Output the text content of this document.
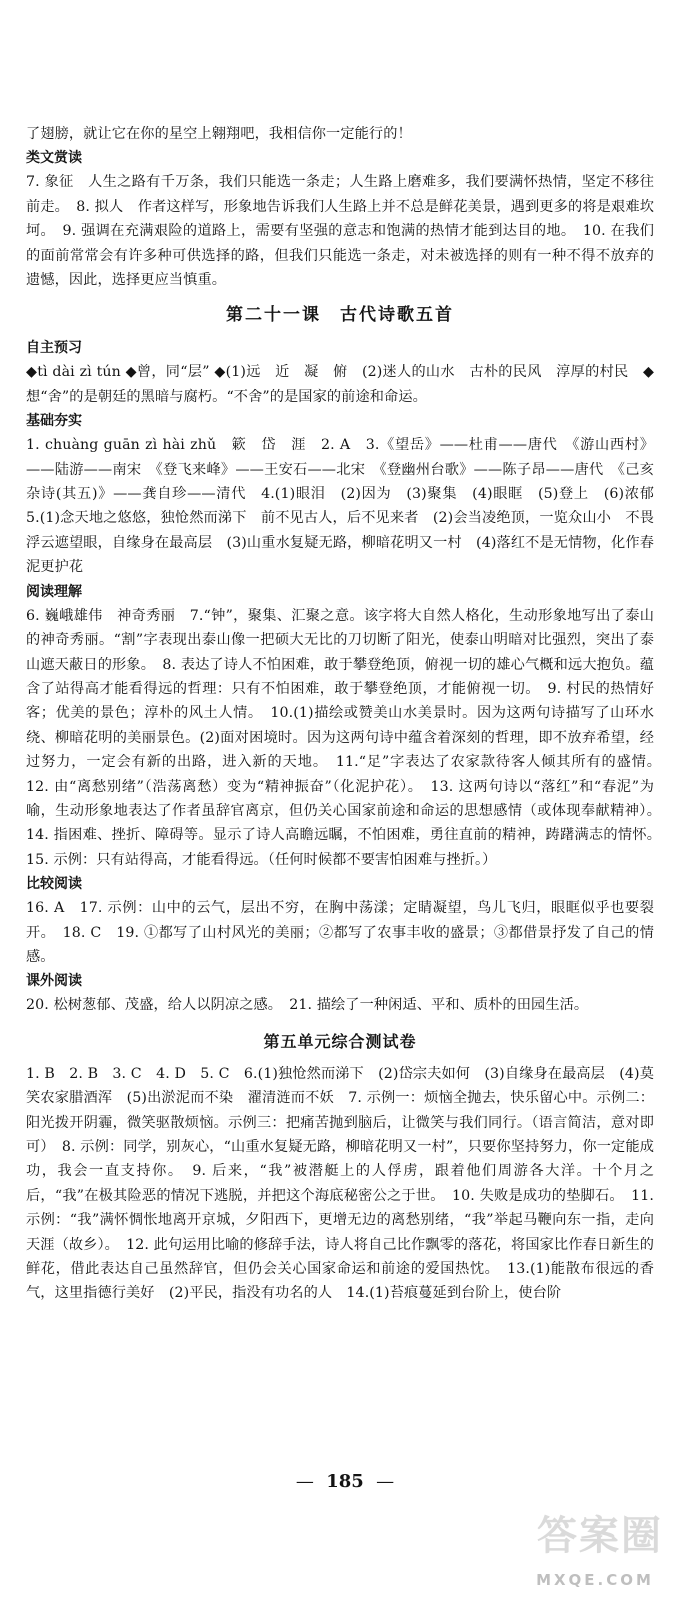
了翅膀，就让它在你的星空上翱翔吧，我相信你一定能行的！

类文赏读

7. 象征　人生之路有千万条，我们只能选一条走；人生路上磨难多，我们要满怀热情，坚定不移往前走。　8. 拟人　作者这样写，形象地告诉我们人生路上并不总是鲜花美景，遇到更多的将是艰难坎坷。　9. 强调在充满艰险的道路上，需要有坚强的意志和饱满的热情才能到达目的地。　10. 在我们的面前常常会有许多种可供选择的路，但我们只能选一条走，对未被选择的则有一种不得不放弃的遗憾，因此，选择更应当慎重。

第二十一课　古代诗歌五首

自主预习

◆tì dài zì tún ◆曾，同“层” ◆(1)远　近　凝　俯　(2)迷人的山水　古朴的民风　淳厚的村民　◆想“舍”的是朝廷的黑暗与腐朽。“不舍”的是国家的前途和命运。

基础夯实

1. chuàng guān zì hài zhǔ　簌　岱　涯　2. A　3.《望岳》——杜甫——唐代　《游山西村》——陆游——南宋　《登飞来峰》——王安石——北宋　《登幽州台歌》——陈子昂——唐代　《己亥杂诗(其五)》——龚自珍——清代　4.(1)眼泪　(2)因为　(3)聚集　(4)眼眶　(5)登上　(6)浓郁　5.(1)念天地之悠悠，独怆然而涕下　前不见古人，后不见来者　(2)会当凌绝顶，一览众山小　不畏浮云遮望眼，自缘身在最高层　(3)山重水复疑无路，柳暗花明又一村　(4)落红不是无情物，化作春泥更护花

阅读理解

6. 巍峨雄伟　神奇秀丽　7.“钟”，聚集、汇聚之意。该字将大自然人格化，生动形象地写出了泰山的神奇秀丽。“割”字表现出泰山像一把硕大无比的刀切断了阳光，使泰山明暗对比强烈，突出了泰山遮天蔽日的形象。　8. 表达了诗人不怕困难，敢于攀登绝顶，俯视一切的雄心气概和远大抱负。蕴含了站得高才能看得远的哲理：只有不怕困难，敢于攀登绝顶，才能俯视一切。　9. 村民的热情好客；优美的景色；淳朴的风土人情。　10.(1)描绘或赞美山水美景时。因为这两句诗描写了山环水绕、柳暗花明的美丽景色。(2)面对困境时。因为这两句诗中蕴含着深刻的哲理，即不放弃希望，经过努力，一定会有新的出路，进入新的天地。　11.“足”字表达了农家款待客人倾其所有的盛情。　12. 由“离愁别绪”（浩荡离愁）变为“精神振奋”（化泥护花）。　13. 这两句诗以“落红”和“春泥”为喻，生动形象地表达了作者虽辞官离京，但仍关心国家前途和命运的思想感情（或体现奉献精神）。　14. 指困难、挫折、障碍等。显示了诗人高瞻远瞩，不怕困难，勇往直前的精神，踌躇满志的情怀。　15. 示例：只有站得高，才能看得远。（任何时候都不要害怕困难与挫折。）

比较阅读

16. A　17. 示例：山中的云气，层出不穷，在胸中荡漾；定睛凝望，鸟儿飞归，眼眶似乎也要裂开。　18. C　19. ①都写了山村风光的美丽；②都写了农事丰收的盛景；③都借景抒发了自己的情感。

课外阅读

20. 松树葱郁、茂盛，给人以阴凉之感。　21. 描绘了一种闲适、平和、质朴的田园生活。

第五单元综合测试卷

1. B　2. B　3. C　4. D　5. C　6.(1)独怆然而涕下　(2)岱宗夫如何　(3)自缘身在最高层　(4)莫笑农家腊酒浑　(5)出淤泥而不染　濯清涟而不妖　7. 示例一：烦恼全抛去，快乐留心中。示例二：阳光拨开阴霾，微笑驱散烦恼。示例三：把痛苦抛到脑后，让微笑与我们同行。（语言简洁，意对即可）　8. 示例：同学，别灰心，“山重水复疑无路，柳暗花明又一村”，只要你坚持努力，你一定能成功，我会一直支持你。　9. 后来，“我”被潜艇上的人俘虏，跟着他们周游各大洋。十个月之后，“我”在极其险恶的情况下逃脱，并把这个海底秘密公之于世。　10. 失败是成功的垫脚石。　11. 示例：“我”满怀惆怅地离开京城，夕阳西下，更增无边的离愁别绪，“我”举起马鞭向东一指，走向天涯（故乡）。　12. 此句运用比喻的修辞手法，诗人将自己比作飘零的落花，将国家比作春日新生的鲜花，借此表达自己虽然辞官，但仍会关心国家命运和前途的爱国热忱。　13.(1)能散布很远的香气，这里指德行美好　(2)平民，指没有功名的人　14.(1)苔痕蔓延到台阶上，使台阶

— 185 —
答案圈
MXQE.COM
